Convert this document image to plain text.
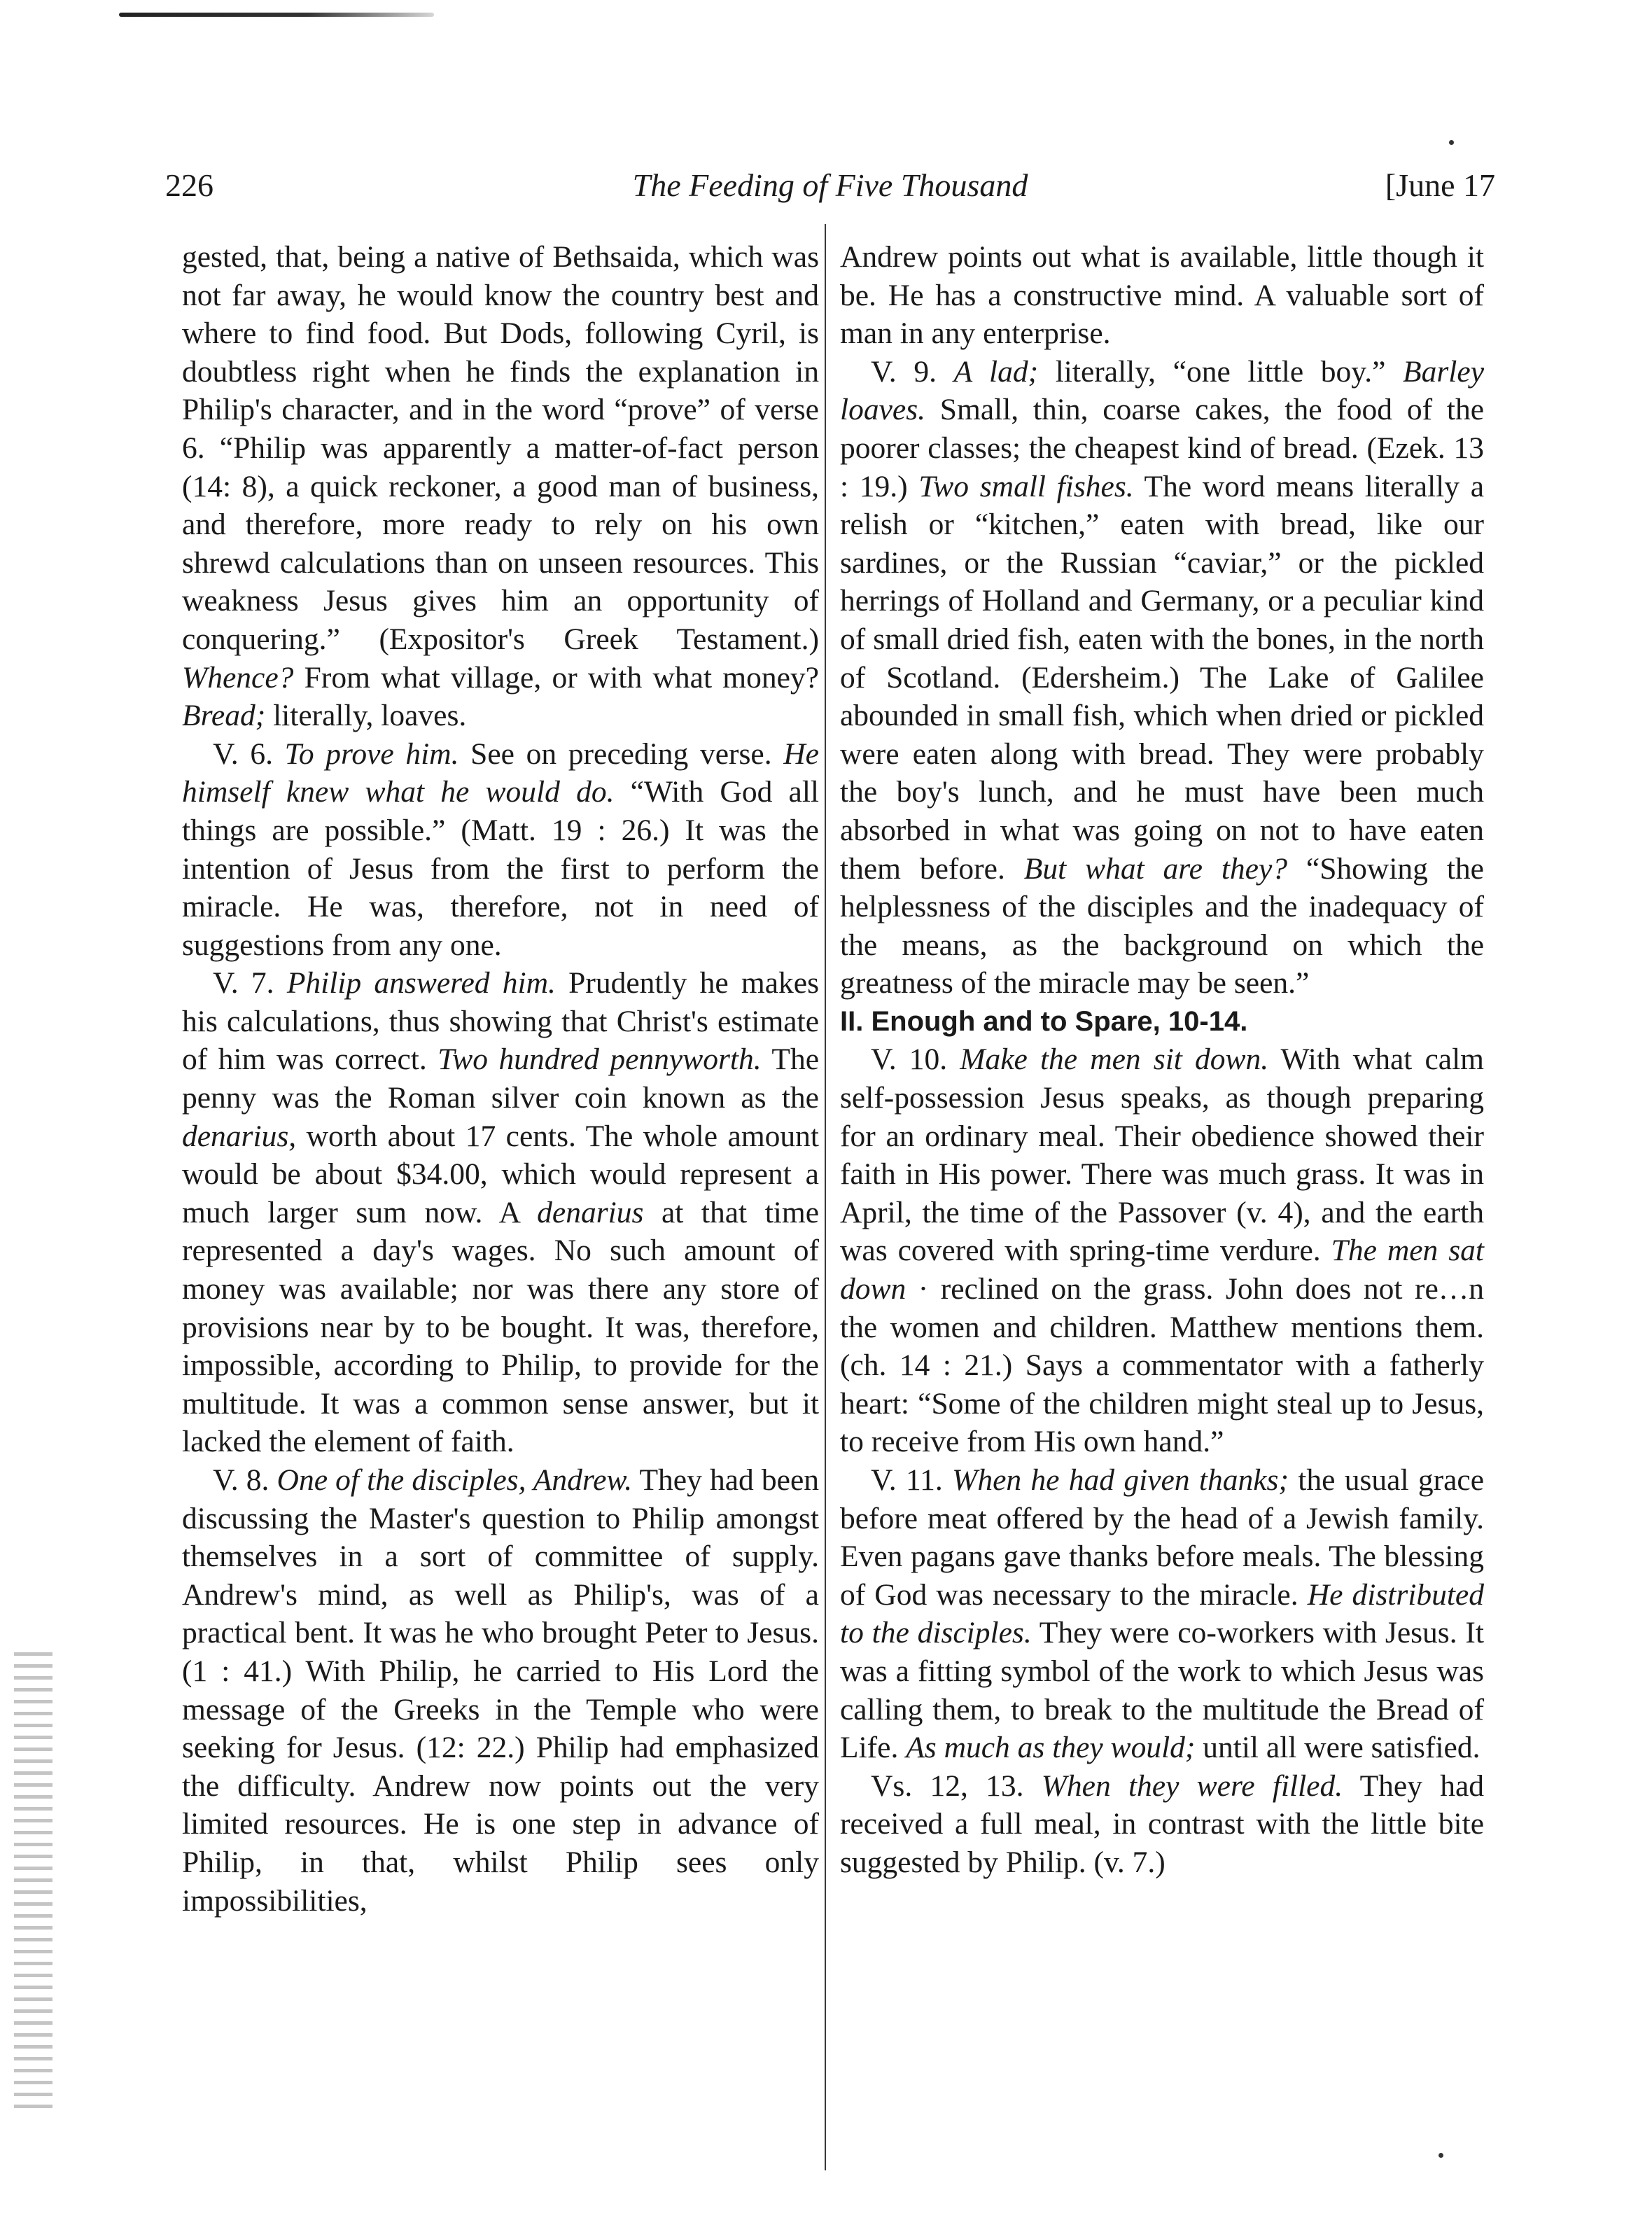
226	The Feeding of Five Thousand	[June 17

gested, that, being a native of Bethsaida, which was not far away, he would know the country best and where to find food. But Dods, following Cyril, is doubtless right when he finds the explanation in Philip's character, and in the word “prove” of verse 6. “Philip was apparently a matter-of-fact person (14: 8), a quick reckoner, a good man of business, and therefore, more ready to rely on his own shrewd calculations than on unseen resources. This weakness Jesus gives him an opportunity of conquering.” (Expositor's Greek Testament.) Whence? From what village, or with what money? Bread; literally, loaves.

V. 6. To prove him. See on preceding verse. He himself knew what he would do. “With God all things are possible.” (Matt. 19 : 26.) It was the intention of Jesus from the first to perform the miracle. He was, therefore, not in need of suggestions from any one.

V. 7. Philip answered him. Prudently he makes his calculations, thus showing that Christ's estimate of him was correct. Two hundred pennyworth. The penny was the Roman silver coin known as the denarius, worth about 17 cents. The whole amount would be about $34.00, which would represent a much larger sum now. A denarius at that time represented a day's wages. No such amount of money was available; nor was there any store of provisions near by to be bought. It was, therefore, impossible, according to Philip, to provide for the multitude. It was a common sense answer, but it lacked the element of faith.

V. 8. One of the disciples, Andrew. They had been discussing the Master's question to Philip amongst themselves in a sort of committee of supply. Andrew's mind, as well as Philip's, was of a practical bent. It was he who brought Peter to Jesus. (1 : 41.) With Philip, he carried to His Lord the message of the Greeks in the Temple who were seeking for Jesus. (12: 22.) Philip had emphasized the difficulty. Andrew now points out the very limited resources. He is one step in advance of Philip, in that, whilst Philip sees only impossibilities,

Andrew points out what is available, little though it be. He has a constructive mind. A valuable sort of man in any enterprise.

V. 9. A lad; literally, “one little boy.” Barley loaves. Small, thin, coarse cakes, the food of the poorer classes; the cheapest kind of bread. (Ezek. 13 : 19.) Two small fishes. The word means literally a relish or “kitchen,” eaten with bread, like our sardines, or the Russian “caviar,” or the pickled herrings of Holland and Germany, or a peculiar kind of small dried fish, eaten with the bones, in the north of Scotland. (Edersheim.) The Lake of Galilee abounded in small fish, which when dried or pickled were eaten along with bread. They were probably the boy's lunch, and he must have been much absorbed in what was going on not to have eaten them before. But what are they? “Showing the helplessness of the disciples and the inadequacy of the means, as the background on which the greatness of the miracle may be seen.”

II. Enough and to Spare, 10-14.

V. 10. Make the men sit down. With what calm self-possession Jesus speaks, as though preparing for an ordinary meal. Their obedience showed their faith in His power. There was much grass. It was in April, the time of the Passover (v. 4), and the earth was covered with spring-time verdure. The men sat down · reclined on the grass. John does not re…n the women and children. Matthew mentions them. (ch. 14 : 21.) Says a commentator with a fatherly heart: “Some of the children might steal up to Jesus, to receive from His own hand.”

V. 11. When he had given thanks; the usual grace before meat offered by the head of a Jewish family. Even pagans gave thanks before meals. The blessing of God was necessary to the miracle. He distributed to the disciples. They were co-workers with Jesus. It was a fitting symbol of the work to which Jesus was calling them, to break to the multitude the Bread of Life. As much as they would; until all were satisfied.

Vs. 12, 13. When they were filled. They had received a full meal, in contrast with the little bite suggested by Philip. (v. 7.)
